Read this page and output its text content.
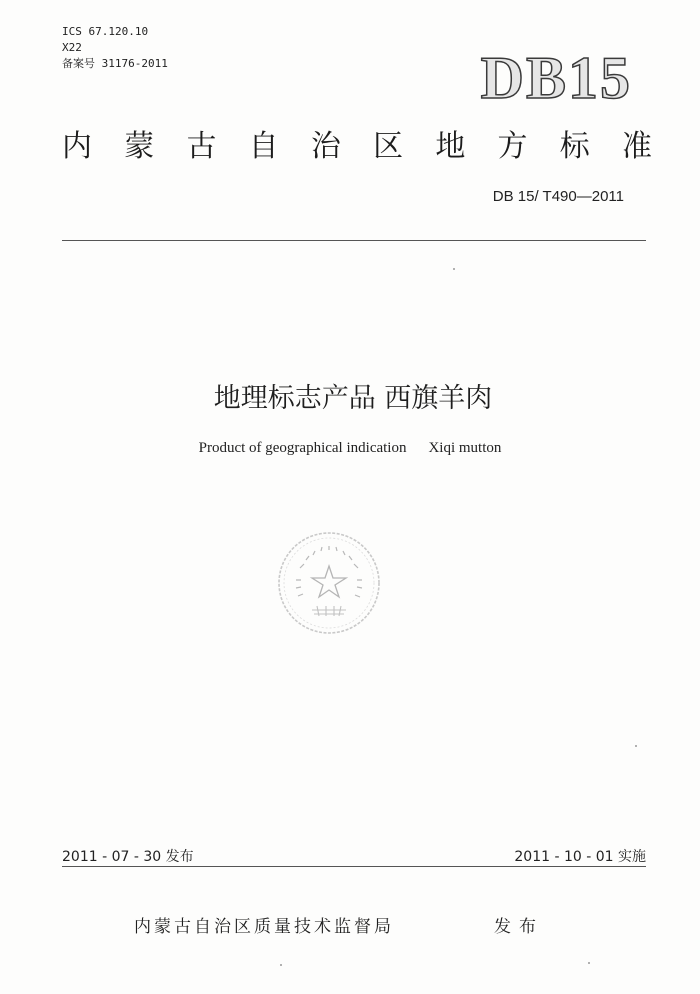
ICS 67.120.10
X22
备案号 31176-2011	DB15
内 蒙 古 自 治 区 地 方 标 准
DB 15/ T490—2011
地理标志产品 西旗羊肉
Product of geographical indication Xiqi mutton
2011 - 07 - 30 发布	2011 - 10 - 01 实施
内蒙古自治区质量技术监督局	发布
